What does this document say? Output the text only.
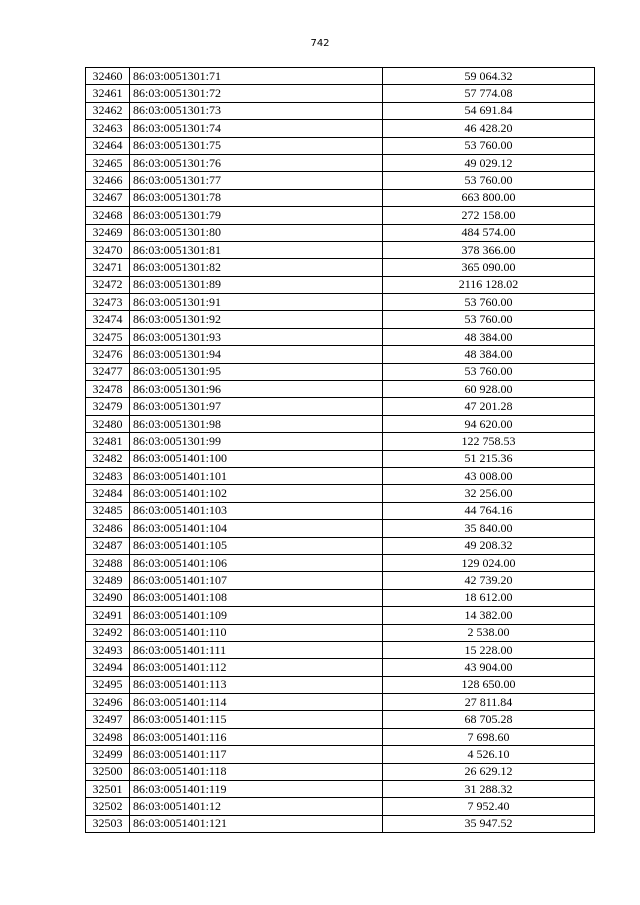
742
32460	86:03:0051301:71	59 064.32
32461	86:03:0051301:72	57 774.08
32462	86:03:0051301:73	54 691.84
32463	86:03:0051301:74	46 428.20
32464	86:03:0051301:75	53 760.00
32465	86:03:0051301:76	49 029.12
32466	86:03:0051301:77	53 760.00
32467	86:03:0051301:78	663 800.00
32468	86:03:0051301:79	272 158.00
32469	86:03:0051301:80	484 574.00
32470	86:03:0051301:81	378 366.00
32471	86:03:0051301:82	365 090.00
32472	86:03:0051301:89	2116 128.02
32473	86:03:0051301:91	53 760.00
32474	86:03:0051301:92	53 760.00
32475	86:03:0051301:93	48 384.00
32476	86:03:0051301:94	48 384.00
32477	86:03:0051301:95	53 760.00
32478	86:03:0051301:96	60 928.00
32479	86:03:0051301:97	47 201.28
32480	86:03:0051301:98	94 620.00
32481	86:03:0051301:99	122 758.53
32482	86:03:0051401:100	51 215.36
32483	86:03:0051401:101	43 008.00
32484	86:03:0051401:102	32 256.00
32485	86:03:0051401:103	44 764.16
32486	86:03:0051401:104	35 840.00
32487	86:03:0051401:105	49 208.32
32488	86:03:0051401:106	129 024.00
32489	86:03:0051401:107	42 739.20
32490	86:03:0051401:108	18 612.00
32491	86:03:0051401:109	14 382.00
32492	86:03:0051401:110	2 538.00
32493	86:03:0051401:111	15 228.00
32494	86:03:0051401:112	43 904.00
32495	86:03:0051401:113	128 650.00
32496	86:03:0051401:114	27 811.84
32497	86:03:0051401:115	68 705.28
32498	86:03:0051401:116	7 698.60
32499	86:03:0051401:117	4 526.10
32500	86:03:0051401:118	26 629.12
32501	86:03:0051401:119	31 288.32
32502	86:03:0051401:12	7 952.40
32503	86:03:0051401:121	35 947.52
